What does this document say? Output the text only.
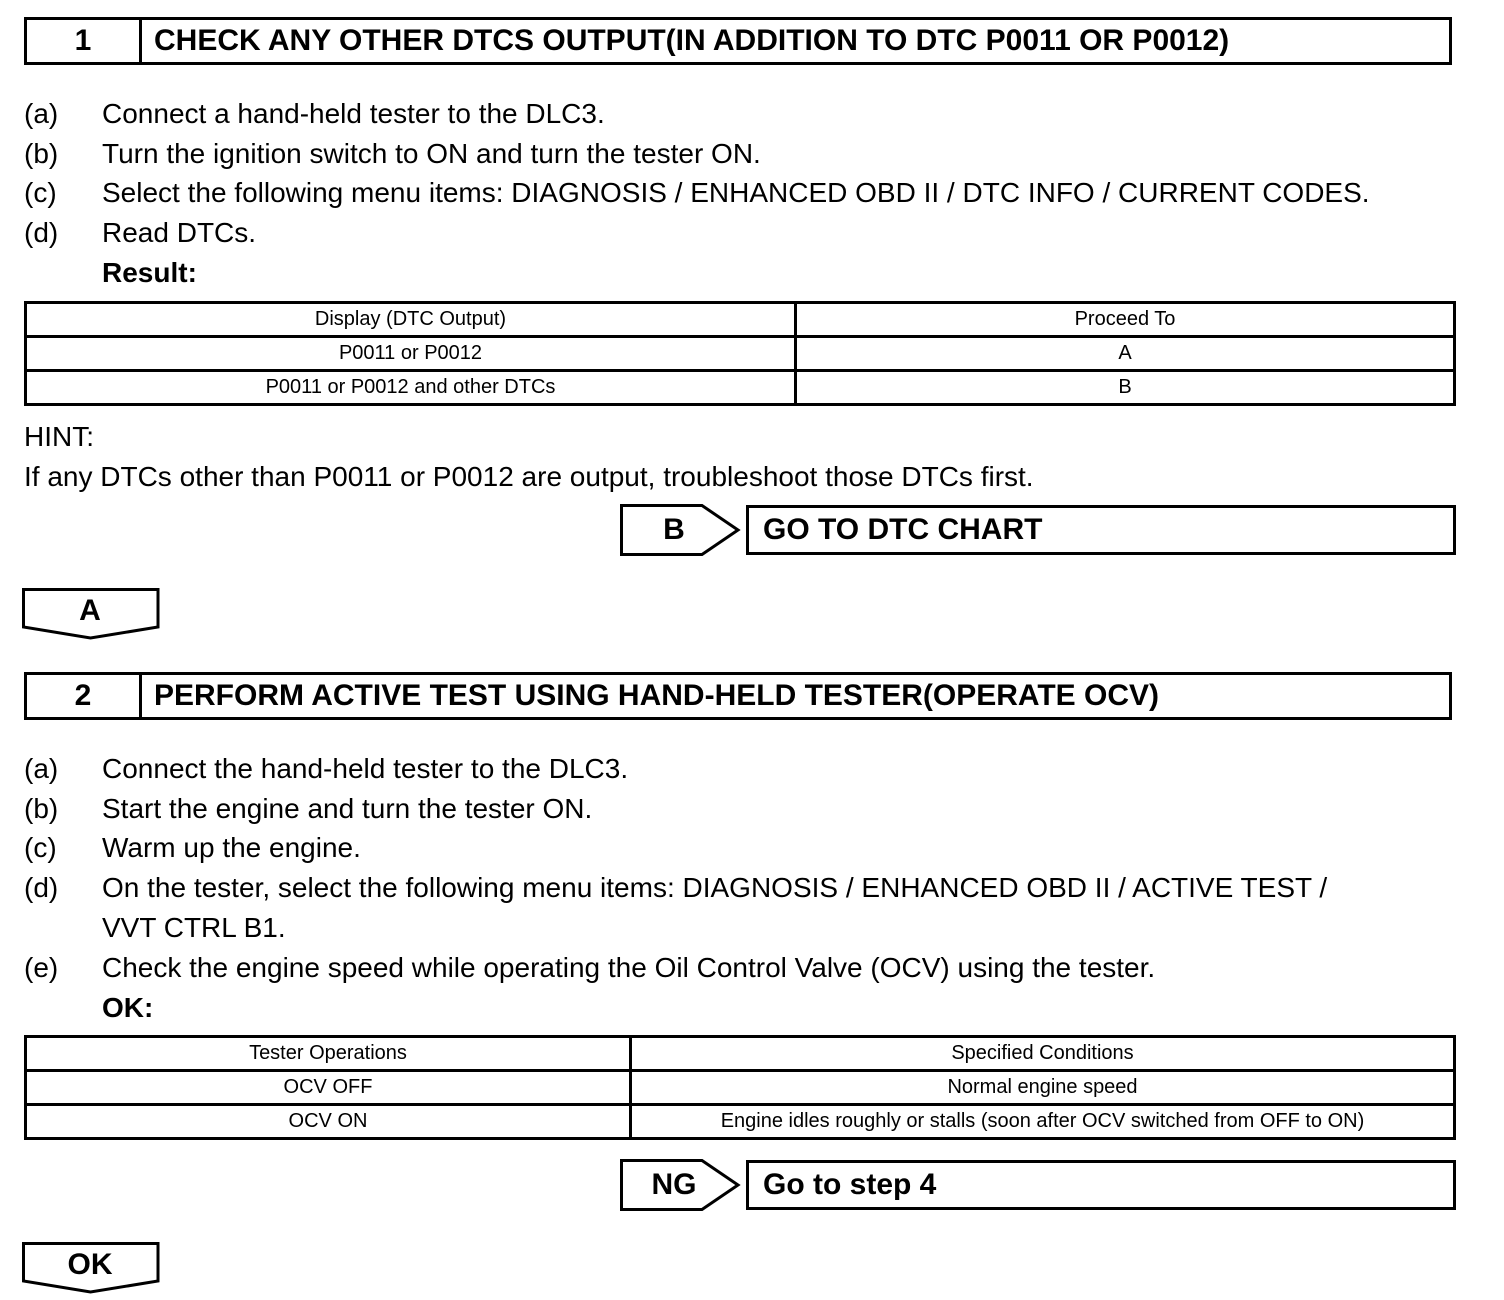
1	CHECK ANY OTHER DTCS OUTPUT(IN ADDITION TO DTC P0011 OR P0012)
(a) Connect a hand-held tester to the DLC3.
(b) Turn the ignition switch to ON and turn the tester ON.
(c) Select the following menu items: DIAGNOSIS / ENHANCED OBD II / DTC INFO / CURRENT CODES.
(d) Read DTCs.
Result:
Display (DTC Output)	Proceed To
P0011 or P0012	A
P0011 or P0012 and other DTCs	B
HINT:
If any DTCs other than P0011 or P0012 are output, troubleshoot those DTCs first.
B	GO TO DTC CHART
A
2	PERFORM ACTIVE TEST USING HAND-HELD TESTER(OPERATE OCV)
(a) Connect the hand-held tester to the DLC3.
(b) Start the engine and turn the tester ON.
(c) Warm up the engine.
(d) On the tester, select the following menu items: DIAGNOSIS / ENHANCED OBD II / ACTIVE TEST /
VVT CTRL B1.
(e) Check the engine speed while operating the Oil Control Valve (OCV) using the tester.
OK:
Tester Operations	Specified Conditions
OCV OFF	Normal engine speed
OCV ON	Engine idles roughly or stalls (soon after OCV switched from OFF to ON)
NG	Go to step 4
OK
